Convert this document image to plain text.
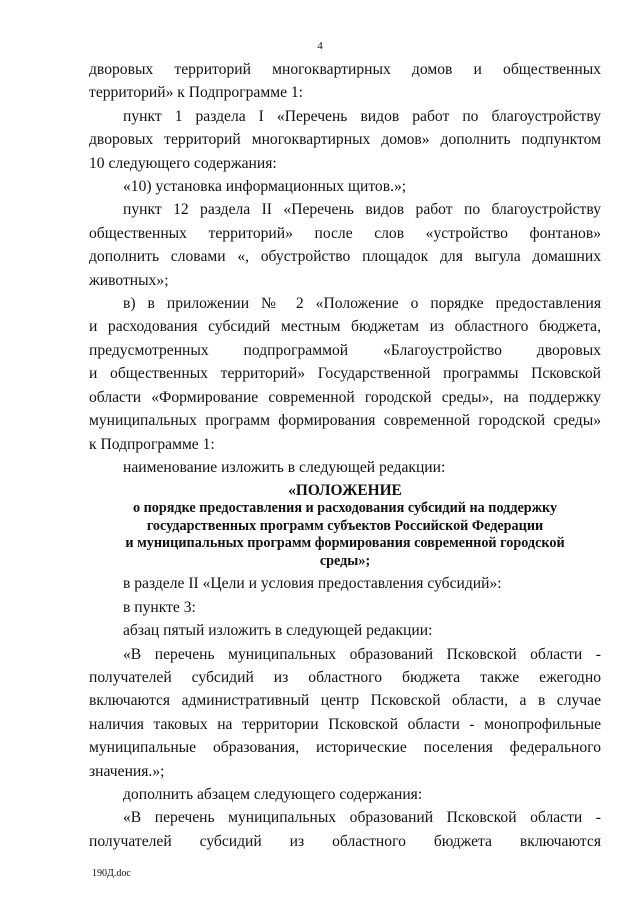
4

дворовых территорий многоквартирных домов и общественных

территорий» к Подпрограмме 1:

пункт 1 раздела I «Перечень видов работ по благоустройству

дворовых территорий многоквартирных домов» дополнить подпунктом

10 следующего содержания:

«10) установка информационных щитов.»;

пункт 12 раздела II «Перечень видов работ по благоустройству

общественных территорий» после слов «устройство фонтанов»

дополнить словами «, обустройство площадок для выгула домашних

животных»;

в) в приложении № 2 «Положение о порядке предоставления

и расходования субсидий местным бюджетам из областного бюджета,

предусмотренных подпрограммой «Благоустройство дворовых

и общественных территорий» Государственной программы Псковской

области «Формирование современной городской среды», на поддержку

муниципальных программ формирования современной городской среды»

к Подпрограмме 1:

наименование изложить в следующей редакции:

«ПОЛОЖЕНИЕ
о порядке предоставления и расходования субсидий на поддержку
государственных программ субъектов Российской Федерации
и муниципальных программ формирования современной городской
среды»;

в разделе II «Цели и условия предоставления субсидий»:

в пункте 3:

абзац пятый изложить в следующей редакции:

«В перечень муниципальных образований Псковской области -

получателей субсидий из областного бюджета также ежегодно

включаются административный центр Псковской области, а в случае

наличия таковых на территории Псковской области - монопрофильные

муниципальные образования, исторические поселения федерального

значения.»;

дополнить абзацем следующего содержания:

«В перечень муниципальных образований Псковской области -

получателей субсидий из областного бюджета включаются

190Д.doc
